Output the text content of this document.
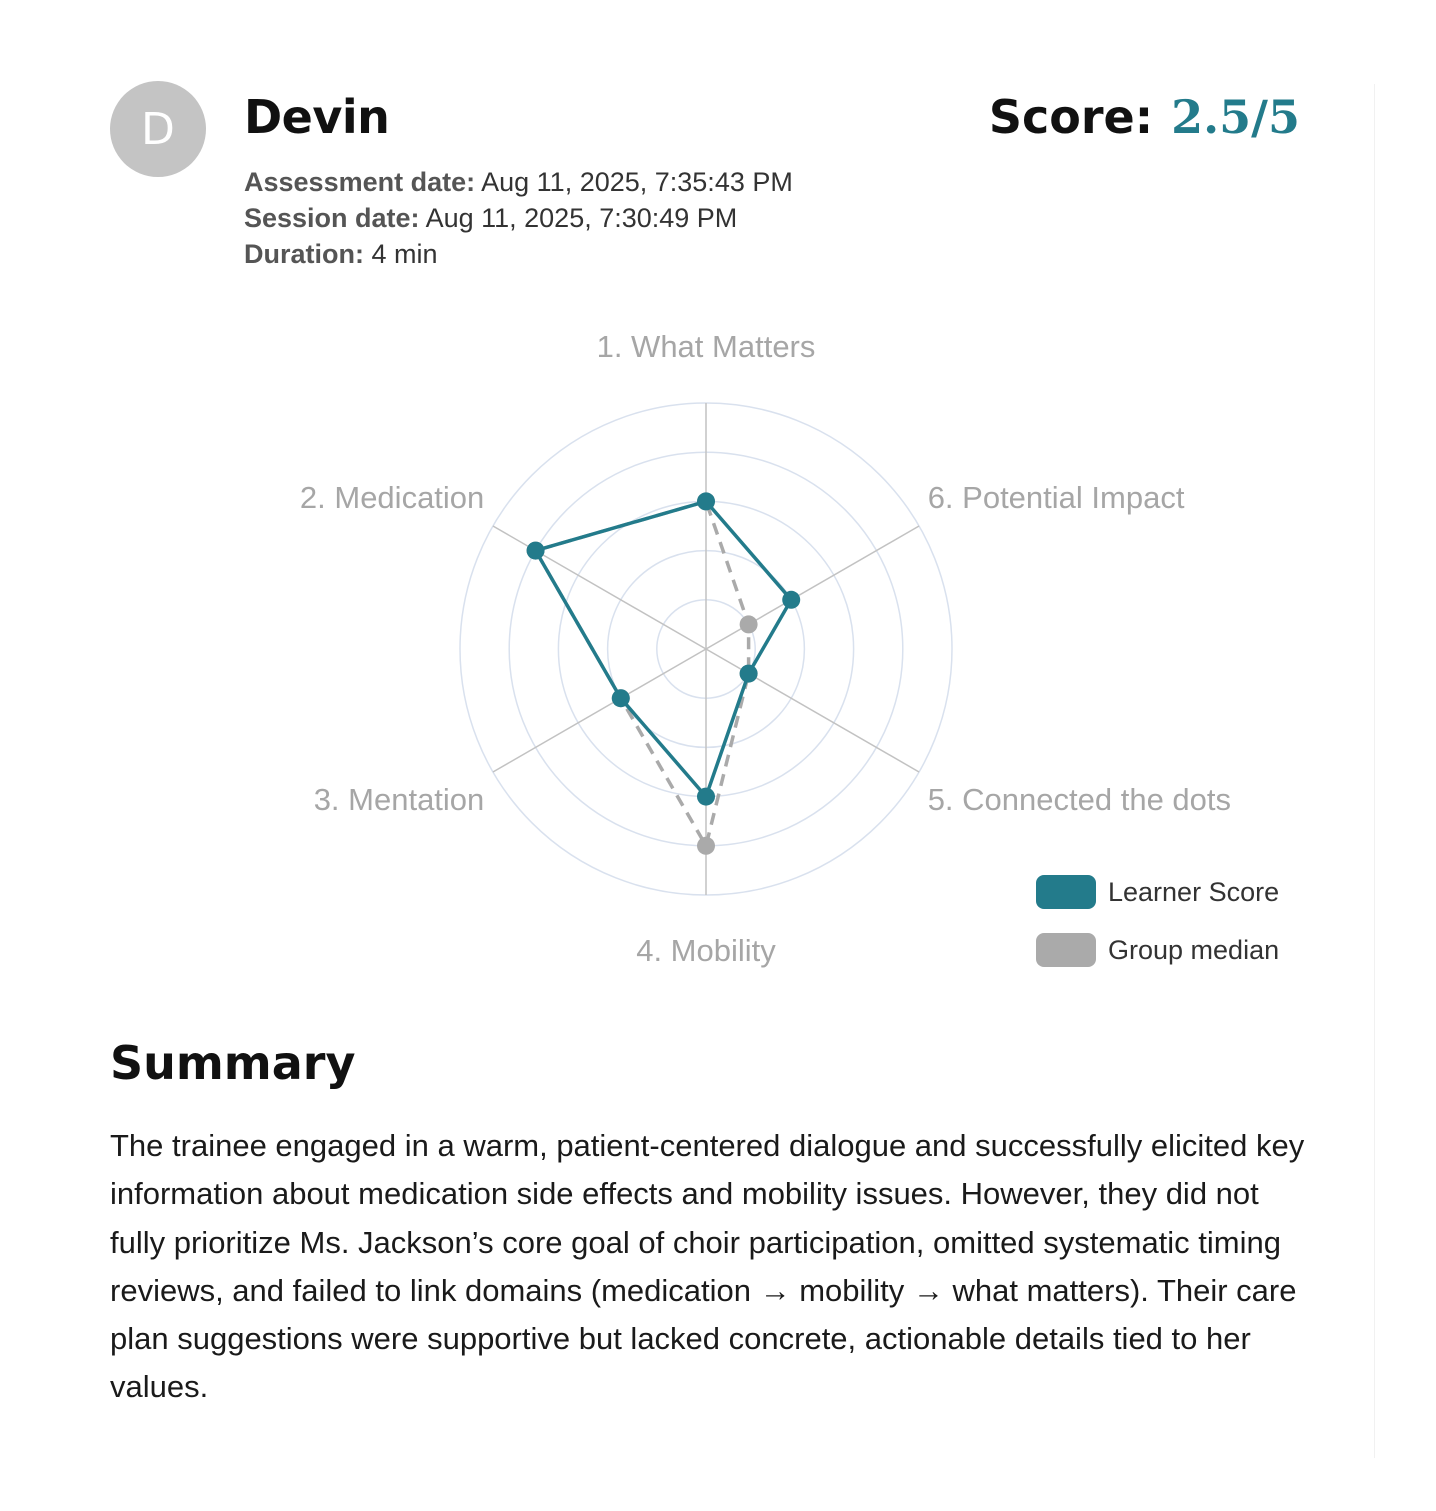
D Devin
Assessment date: Aug 11, 2025, 7:35:43 PM
Session date: Aug 11, 2025, 7:30:49 PM
Duration: 4 min
Score: 2.5/5
1. What Matters
2. Medication
3. Mentation
4. Mobility
5. Connected the dots
6. Potential Impact
Learner Score
Group median
Summary
The trainee engaged in a warm, patient-centered dialogue and successfully elicited key information about medication side effects and mobility issues. However, they did not fully prioritize Ms. Jackson’s core goal of choir participation, omitted systematic timing reviews, and failed to link domains (medication → mobility → what matters). Their care plan suggestions were supportive but lacked concrete, actionable details tied to her values.
